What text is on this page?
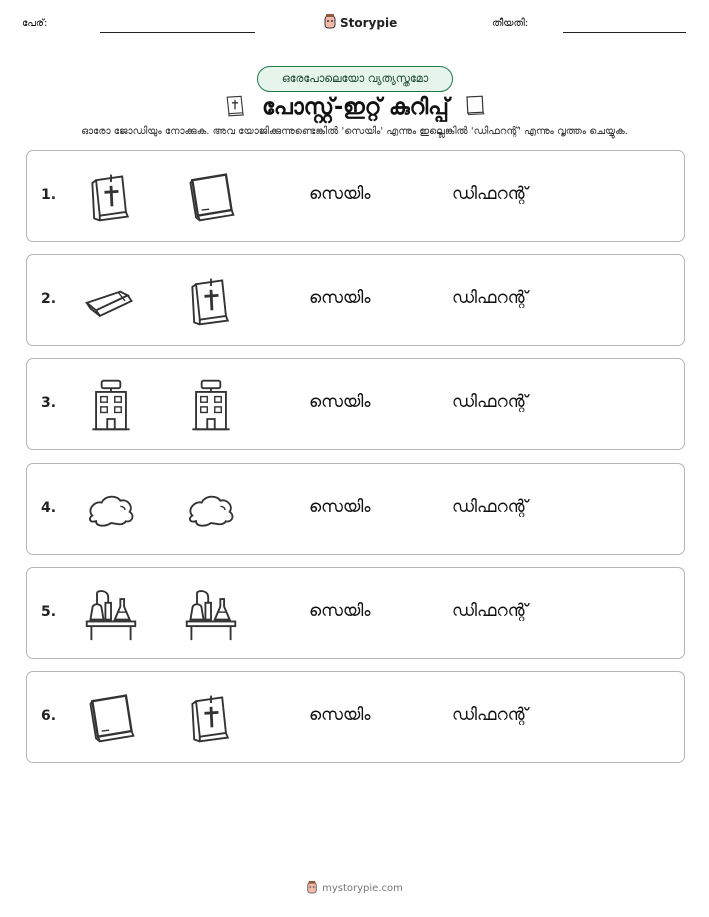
പേര്:	Storypie	തീയതി:
ഒരേപോലെയോ വ്യത്യസ്തമോ
പോസ്റ്റ്-ഇറ്റ് കുറിപ്പ്
ഓരോ ജോഡിയും നോക്കുക. അവ യോജിക്കുന്നുണ്ടെങ്കിൽ 'സെയിം' എന്നും ഇല്ലെങ്കിൽ 'ഡിഫറന്റ്' എന്നും വൃത്തം ചെയ്യുക.
1.	സെയിം	ഡിഫറന്റ്
2.	സെയിം	ഡിഫറന്റ്
3.	സെയിം	ഡിഫറന്റ്
4.	സെയിം	ഡിഫറന്റ്
5.	സെയിം	ഡിഫറന്റ്
6.	സെയിം	ഡിഫറന്റ്
mystorypie.com
